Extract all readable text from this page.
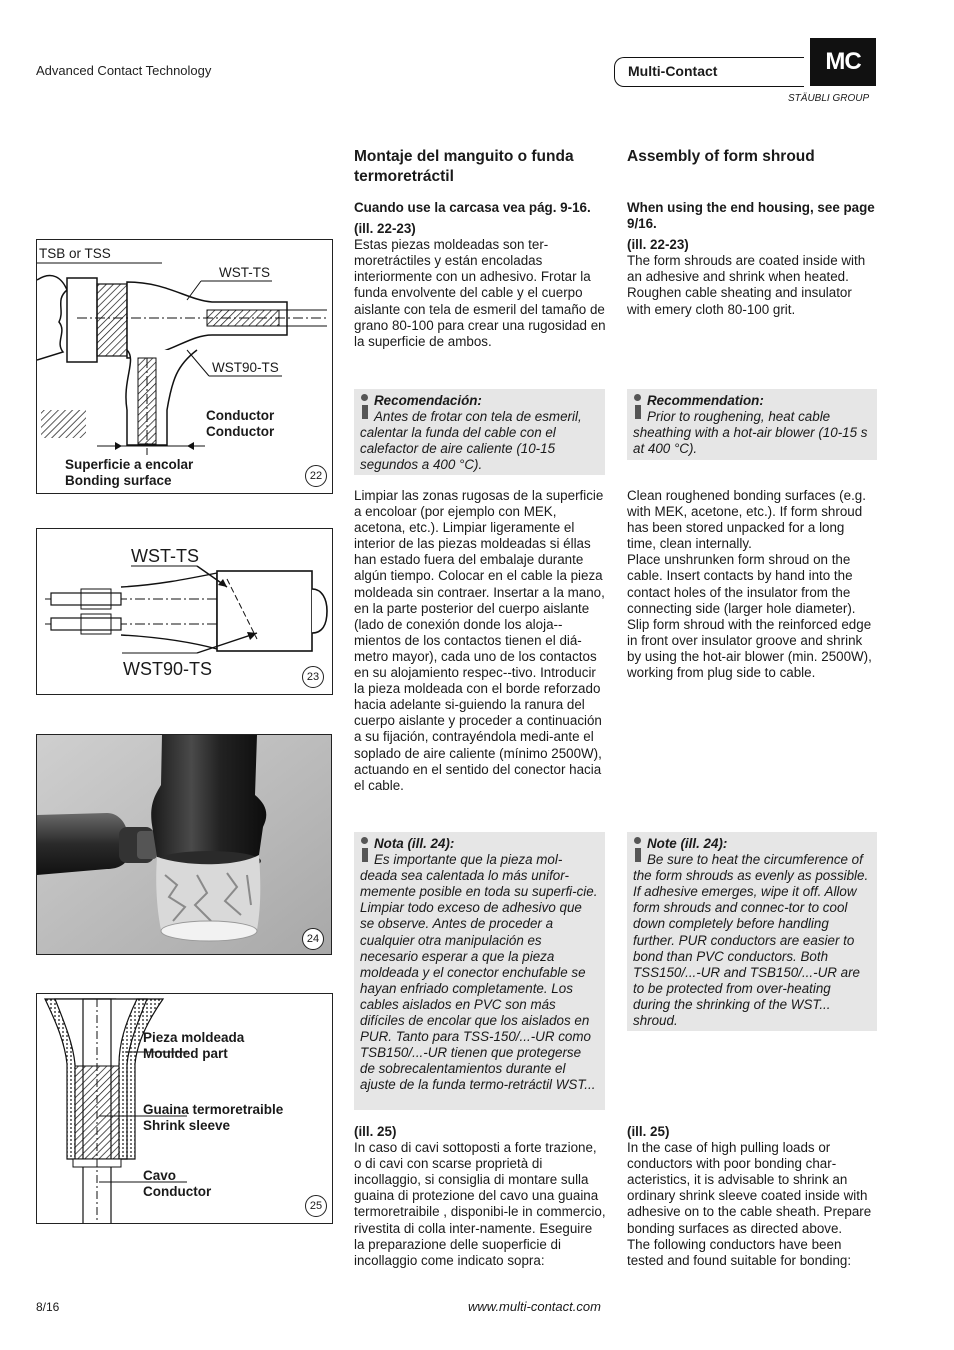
Advanced Contact Technology	Multi-Contact	MC
STÄUBLI GROUP

Montaje del manguito o funda termoretráctil

Cuando use la carcasa vea pág. 9-16.

(ill. 22-23)

Estas piezas moldeadas son ter-moretráctiles y están encoladas interiormente con un adhesivo. Frotar la funda envolvente del cable y el cuerpo aislante con tela de esmeril del tamaño de grano 80-100 para crear una rugosidad en la superficie de ambos.

Recomendación:

Antes de frotar con tela de esmeril, calentar la funda del cable con el calefactor de aire caliente (10-15 segundos a 400 °C).

Limpiar las zonas rugosas de la superficie a encoloar (por ejemplo con MEK, acetona, etc.). Limpiar ligeramente el interior de las piezas moldeadas si éllas han estado fuera del embalaje durante algún tiempo. Colocar en el cable la pieza moldeada sin contraer. Insertar a la mano, en la parte posterior del cuerpo aislante (lado de conexión donde los aloja--mientos de los contactos tienen el diá-metro mayor), cada uno de los contactos en su alojamiento respec--tivo. Introducir la pieza moldeada con el borde reforzado hacia adelante si-guiendo la ranura del cuerpo aislante y proceder a continuación a su fijación, contrayéndola medi-ante el soplado de aire caliente (mínimo 2500W), actuando en el sentido del conector hacia el cable.

Nota (ill. 24):

Es importante que la pieza mol-deada sea calentada lo más unifor-memente posible en toda su superfi-cie. Limpiar todo exceso de adhesivo que se observe. Antes de proceder a cualquier otra manipulación es necesario esperar a que la pieza moldeada y el conector enchufable se hayan enfriado completamente. Los cables aislados en PVC son más difíciles de encolar que los aislados en PUR. Tanto para TSS-150/...-UR como TSB150/...-UR tienen que protegerse de sobrecalentamientos durante el ajuste de la funda termo-retráctil WST...

(ill. 25)

In caso di cavi sottoposti a forte trazione, o di cavi con scarse proprietà di incollaggio, si consiglia di montare sulla guaina di protezione del cavo una guaina termoretraibile , disponibi-le in commercio, rivestita di colla inter-namente. Eseguire la preparazione delle suoperficie di incollaggio come indicato sopra:

Assembly of form shroud

When using the end housing, see page 9/16.

(ill. 22-23)

The form shrouds are coated inside with an adhesive and shrink when heated. Roughen cable sheating and insulator with emery cloth 80-100 grit.

Recommendation:

Prior to roughening, heat cable sheathing with a hot-air blower (10-15 s at 400 °C).

Clean roughened bonding surfaces (e.g. with MEK, acetone, etc.). If form shroud has been stored unpacked for a long time, clean internally.
Place unshrunken form shroud on the cable. Insert contacts by hand into the contact holes of the insulator from the connecting side (larger hole diameter). Slip form shroud with the reinforced edge in front over insulator groove and shrink by using the hot-air blower (min. 2500W), working from plug side to cable.

Note (ill. 24):

Be sure to heat the circumference of the form shrouds as evenly as possible. If adhesive emerges, wipe it off. Allow form shrouds and connec-tor to cool down completely before handling further. PUR conductors are easier to bond than PVC conductors. Both TSS150/...-UR and TSB150/...-UR are to be protected from over-heating during the shrinking of the WST... shroud.

(ill. 25)

In the case of high pulling loads or conductors with poor bonding char-acteristics, it is advisable to shrink an ordinary shrink sleeve coated inside with adhesive on to the cable sheath. Prepare bonding surfaces as directed above.
The following conductors have been tested and found suitable for bonding:

TSB or TSS
WST-TS
WST90-TS
Conductor
Conductor
Superficie a encolar
Bonding surface	22
WST-TS
WST90-TS	23
24
Pieza moldeada
Moulded part
Guaina termoretraible
Shrink sleeve
Cavo
Conductor
25
8/16	www.multi-contact.com
